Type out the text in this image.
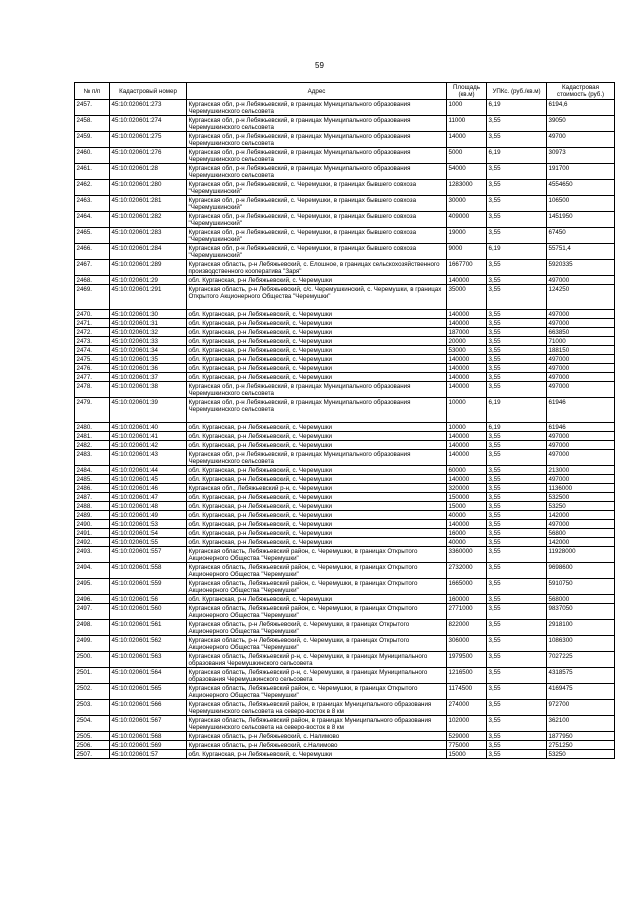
59
№ п/п	Кадастровый номер	Адрес	Площадь (кв.м)	УПКс. (руб./кв.м)	Кадастровая стоимость (руб.)
2457.	45:10:020601:273	Курганская обл, р-н Лебяжьевский, в границах Муниципального образования Черемушкинского сельсовета	1000	6,19	6194,6
2458.	45:10:020601:274	Курганская обл, р-н Лебяжьевский, в границах Муниципального образования Черемушкинского сельсовета	11000	3,55	39050
2459.	45:10:020601:275	Курганская обл, р-н Лебяжьевский, в границах Муниципального образования Черемушкинского сельсовета	14000	3,55	49700
2460.	45:10:020601:276	Курганская обл, р-н Лебяжьевский, в границах Муниципального образования Черемушкинского сельсовета	5000	6,19	30973
2461.	45:10:020601:28	Курганская обл, р-н Лебяжьевский, в границах Муниципального образования Черемушкинского сельсовета	54000	3,55	191700
2462.	45:10:020601:280	Курганская обл, р-н Лебяжьевский, с. Черемушки, в границах бывшего совхоза "Черемушкинский"	1283000	3,55	4554650
2463.	45:10:020601:281	Курганская обл, р-н Лебяжьевский, с. Черемушки, в границах бывшего совхоза "Черемушкинский"	30000	3,55	106500
2464.	45:10:020601:282	Курганская обл, р-н Лебяжьевский, с. Черемушки, в границах бывшего совхоза "Черемушкинский"	409000	3,55	1451950
2465.	45:10:020601:283	Курганская обл, р-н Лебяжьевский, с. Черемушки, в границах бывшего совхоза "Черемушкинский"	19000	3,55	67450
2466.	45:10:020601:284	Курганская обл, р-н Лебяжьевский, с. Черемушки, в границах бывшего совхоза "Черемушкинский"	9000	6,19	55751,4
2467.	45:10:020601:289	Курганская область, р-н Лебяжьевский, с. Елошное, в границах сельскохозяйственного производственного кооператива "Заря"	1667700	3,55	5920335
2468.	45:10:020601:29	обл. Курганская, р-н Лебяжьевский, с. Черемушки	140000	3,55	497000
2469.	45:10:020601:291	Курганская область, р-н Лебяжьевский, с/с. Черемушкинский, с. Черемушки, в границах Открытого Акционерного Общества "Черемушки"	35000	3,55	124250
2470.	45:10:020601:30	обл. Курганская, р-н Лебяжьевский, с. Черемушки	140000	3,55	497000
2471.	45:10:020601:31	обл. Курганская, р-н Лебяжьевский, с. Черемушки	140000	3,55	497000
2472.	45:10:020601:32	обл. Курганская, р-н Лебяжьевский, с. Черемушки	187000	3,55	663850
2473.	45:10:020601:33	обл. Курганская, р-н Лебяжьевский, с. Черемушки	20000	3,55	71000
2474.	45:10:020601:34	обл. Курганская, р-н Лебяжьевский, с. Черемушки	53000	3,55	188150
2475.	45:10:020601:35	обл. Курганская, р-н Лебяжьевский, с. Черемушки	140000	3,55	497000
2476.	45:10:020601:36	обл. Курганская, р-н Лебяжьевский, с. Черемушки	140000	3,55	497000
2477.	45:10:020601:37	обл. Курганская, р-н Лебяжьевский, с. Черемушки	140000	3,55	497000
2478.	45:10:020601:38	Курганская обл, р-н Лебяжьевский, в границах Муниципального образования Черемушкинского сельсовета	140000	3,55	497000
2479.	45:10:020601:39	Курганская обл, р-н Лебяжьевский, в границах Муниципального образования Черемушкинского сельсовета	10000	6,19	61946
2480.	45:10:020601:40	обл. Курганская, р-н Лебяжьевский, с. Черемушки	10000	6,19	61946
2481.	45:10:020601:41	обл. Курганская, р-н Лебяжьевский, с. Черемушки	140000	3,55	497000
2482.	45:10:020601:42	обл. Курганская, р-н Лебяжьевский, с. Черемушки	140000	3,55	497000
2483.	45:10:020601:43	Курганская обл, р-н Лебяжьевский, в границах Муниципального образования Черемушкинского сельсовета	140000	3,55	497000
2484.	45:10:020601:44	обл. Курганская, р-н Лебяжьевский, с. Черемушки	60000	3,55	213000
2485.	45:10:020601:45	обл. Курганская, р-н Лебяжьевский, с. Черемушки	140000	3,55	497000
2486.	45:10:020601:46	Курганская обл., Лебяжьевский р-н, с. Черемушки	320000	3,55	1136000
2487.	45:10:020601:47	обл. Курганская, р-н Лебяжьевский, с. Черемушки	150000	3,55	532500
2488.	45:10:020601:48	обл. Курганская, р-н Лебяжьевский, с. Черемушки	15000	3,55	53250
2489.	45:10:020601:49	обл. Курганская, р-н Лебяжьевский, с. Черемушки	40000	3,55	142000
2490.	45:10:020601:53	обл. Курганская, р-н Лебяжьевский, с. Черемушки	140000	3,55	497000
2491.	45:10:020601:54	обл. Курганская, р-н Лебяжьевский, с. Черемушки	16000	3,55	56800
2492.	45:10:020601:55	обл. Курганская, р-н Лебяжьевский, с. Черемушки	40000	3,55	142000
2493.	45:10:020601:557	Курганская область, Лебяжьевский район, с. Черемушки, в границах Открытого Акционерного Общества "Черемушки"	3360000	3,55	11928000
2494.	45:10:020601:558	Курганская область, Лебяжьевский район, с. Черемушки, в границах Открытого Акционерного Общества "Черемушки"	2732000	3,55	9698600
2495.	45:10:020601:559	Курганская область, Лебяжьевский район, с. Черемушки, в границах Открытого Акционерного Общества "Черемушки"	1665000	3,55	5910750
2496.	45:10:020601:56	обл. Курганская, р-н Лебяжьевский, с. Черемушки	160000	3,55	568000
2497.	45:10:020601:560	Курганская область, Лебяжьевский район, с. Черемушки, в границах Открытого Акционерного Общества "Черемушки"	2771000	3,55	9837050
2498.	45:10:020601:561	Курганская область, р-н Лебяжьевский, с. Черемушки, в границах Открытого Акционерного Общества "Черемушки"	822000	3,55	2918100
2499.	45:10:020601:562	Курганская область, р-н Лебяжьевский, с. Черемушки, в границах Открытого Акционерного Общества "Черемушки"	306000	3,55	1086300
2500.	45:10:020601:563	Курганская область, Лебяжьевский р-н, с. Черемушки, в границах Муниципального образования Черемушкинского сельсовета	1979500	3,55	7027225
2501.	45:10:020601:564	Курганская область, Лебяжьевский р-н, с. Черемушки, в границах Муниципального образования Черемушкинского сельсовета	1216500	3,55	4318575
2502.	45:10:020601:565	Курганская область, Лебяжьевский район, с. Черемушки, в границах Открытого Акционерного Общества "Черемушки"	1174500	3,55	4169475
2503.	45:10:020601:566	Курганская область, Лебяжьевский район, в границах Муниципального образования Черемушкинского сельсовета на северо-восток в 8 км	274000	3,55	972700
2504.	45:10:020601:567	Курганская область, Лебяжьевский район, в границах Муниципального образования Черемушкинского сельсовета на северо-восток в 8 км	102000	3,55	362100
2505.	45:10:020601:568	Курганская область, р-н Лебяжьевский, с. Налимово	529000	3,55	1877950
2506.	45:10:020601:569	Курганская область, р-н Лебяжьевский, с.Налимово	775000	3,55	2751250
2507.	45:10:020601:57	обл. Курганская, р-н Лебяжьевский, с. Черемушки	15000	3,55	53250
